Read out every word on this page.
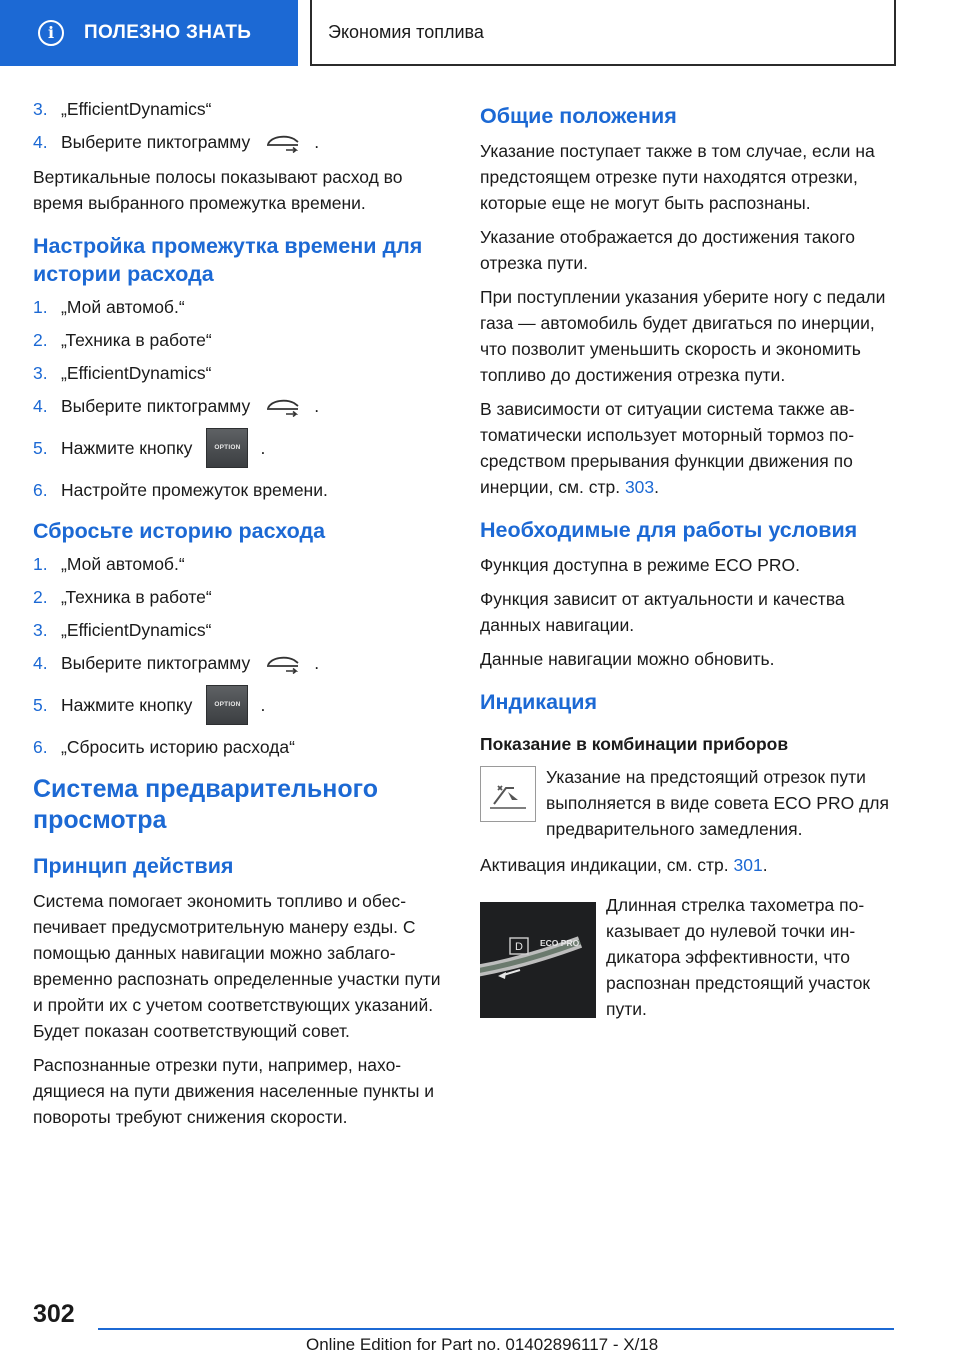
i	ПОЛЕЗНО ЗНАТЬ	Экономия топлива
3. „EfficientDynamics“
4. Выберите пиктограмму	.

Вертикальные полосы показывают расход во время выбранного промежутка времени.

Настройка промежутка времени для истории расхода
1. „Мой автомоб.“
2. „Техника в работе“
3. „EfficientDynamics“
4. Выберите пиктограмму	.
5. Нажмите кнопку	OPTION	.
6. Настройте промежуток времени.
Сбросьте историю расхода
1. „Мой автомоб.“
2. „Техника в работе“
3. „EfficientDynamics“
4. Выберите пиктограмму	.
5. Нажмите кнопку	OPTION	.
6. „Сбросить историю расхода“
Система предварительного просмотра
Принцип действия

Система помогает экономить топливо и обеспечивает предусмотрительную манеру езды. С помощью данных навигации можно заблаговременно распознать определенные участки пути и пройти их с учетом соответствующих указаний. Будет показан соответствующий совет.

Распознанные отрезки пути, например, находящиеся на пути движения населенные пункты и повороты требуют снижения скорости.

Общие положения

Указание поступает также в том случае, если на предстоящем отрезке пути находятся отрезки, которые еще не могут быть распознаны.

Указание отображается до достижения такого отрезка пути.

При поступлении указания уберите ногу с педали газа — автомобиль будет двигаться по инерции, что позволит уменьшить скорость и экономить топливо до достижения отрезка пути.

В зависимости от ситуации система также автоматически использует моторный тормоз посредством прерывания функции движения по инерции, см. стр. 303.

Необходимые для работы условия

Функция доступна в режиме ECO PRO.

Функция зависит от актуальности и качества данных навигации.

Данные навигации можно обновить.

Индикация
Показание в комбинации приборов

Указание на предстоящий отрезок пути выполняется в виде совета ECO PRO для предварительного замедления.

Активация индикации, см. стр. 301.

D ECO PRO

Длинная стрелка тахометра показывает до нулевой точки индикатора эффективности, что распознан предстоящий участок пути.

302
Online Edition for Part no. 01402896117 - X/18
